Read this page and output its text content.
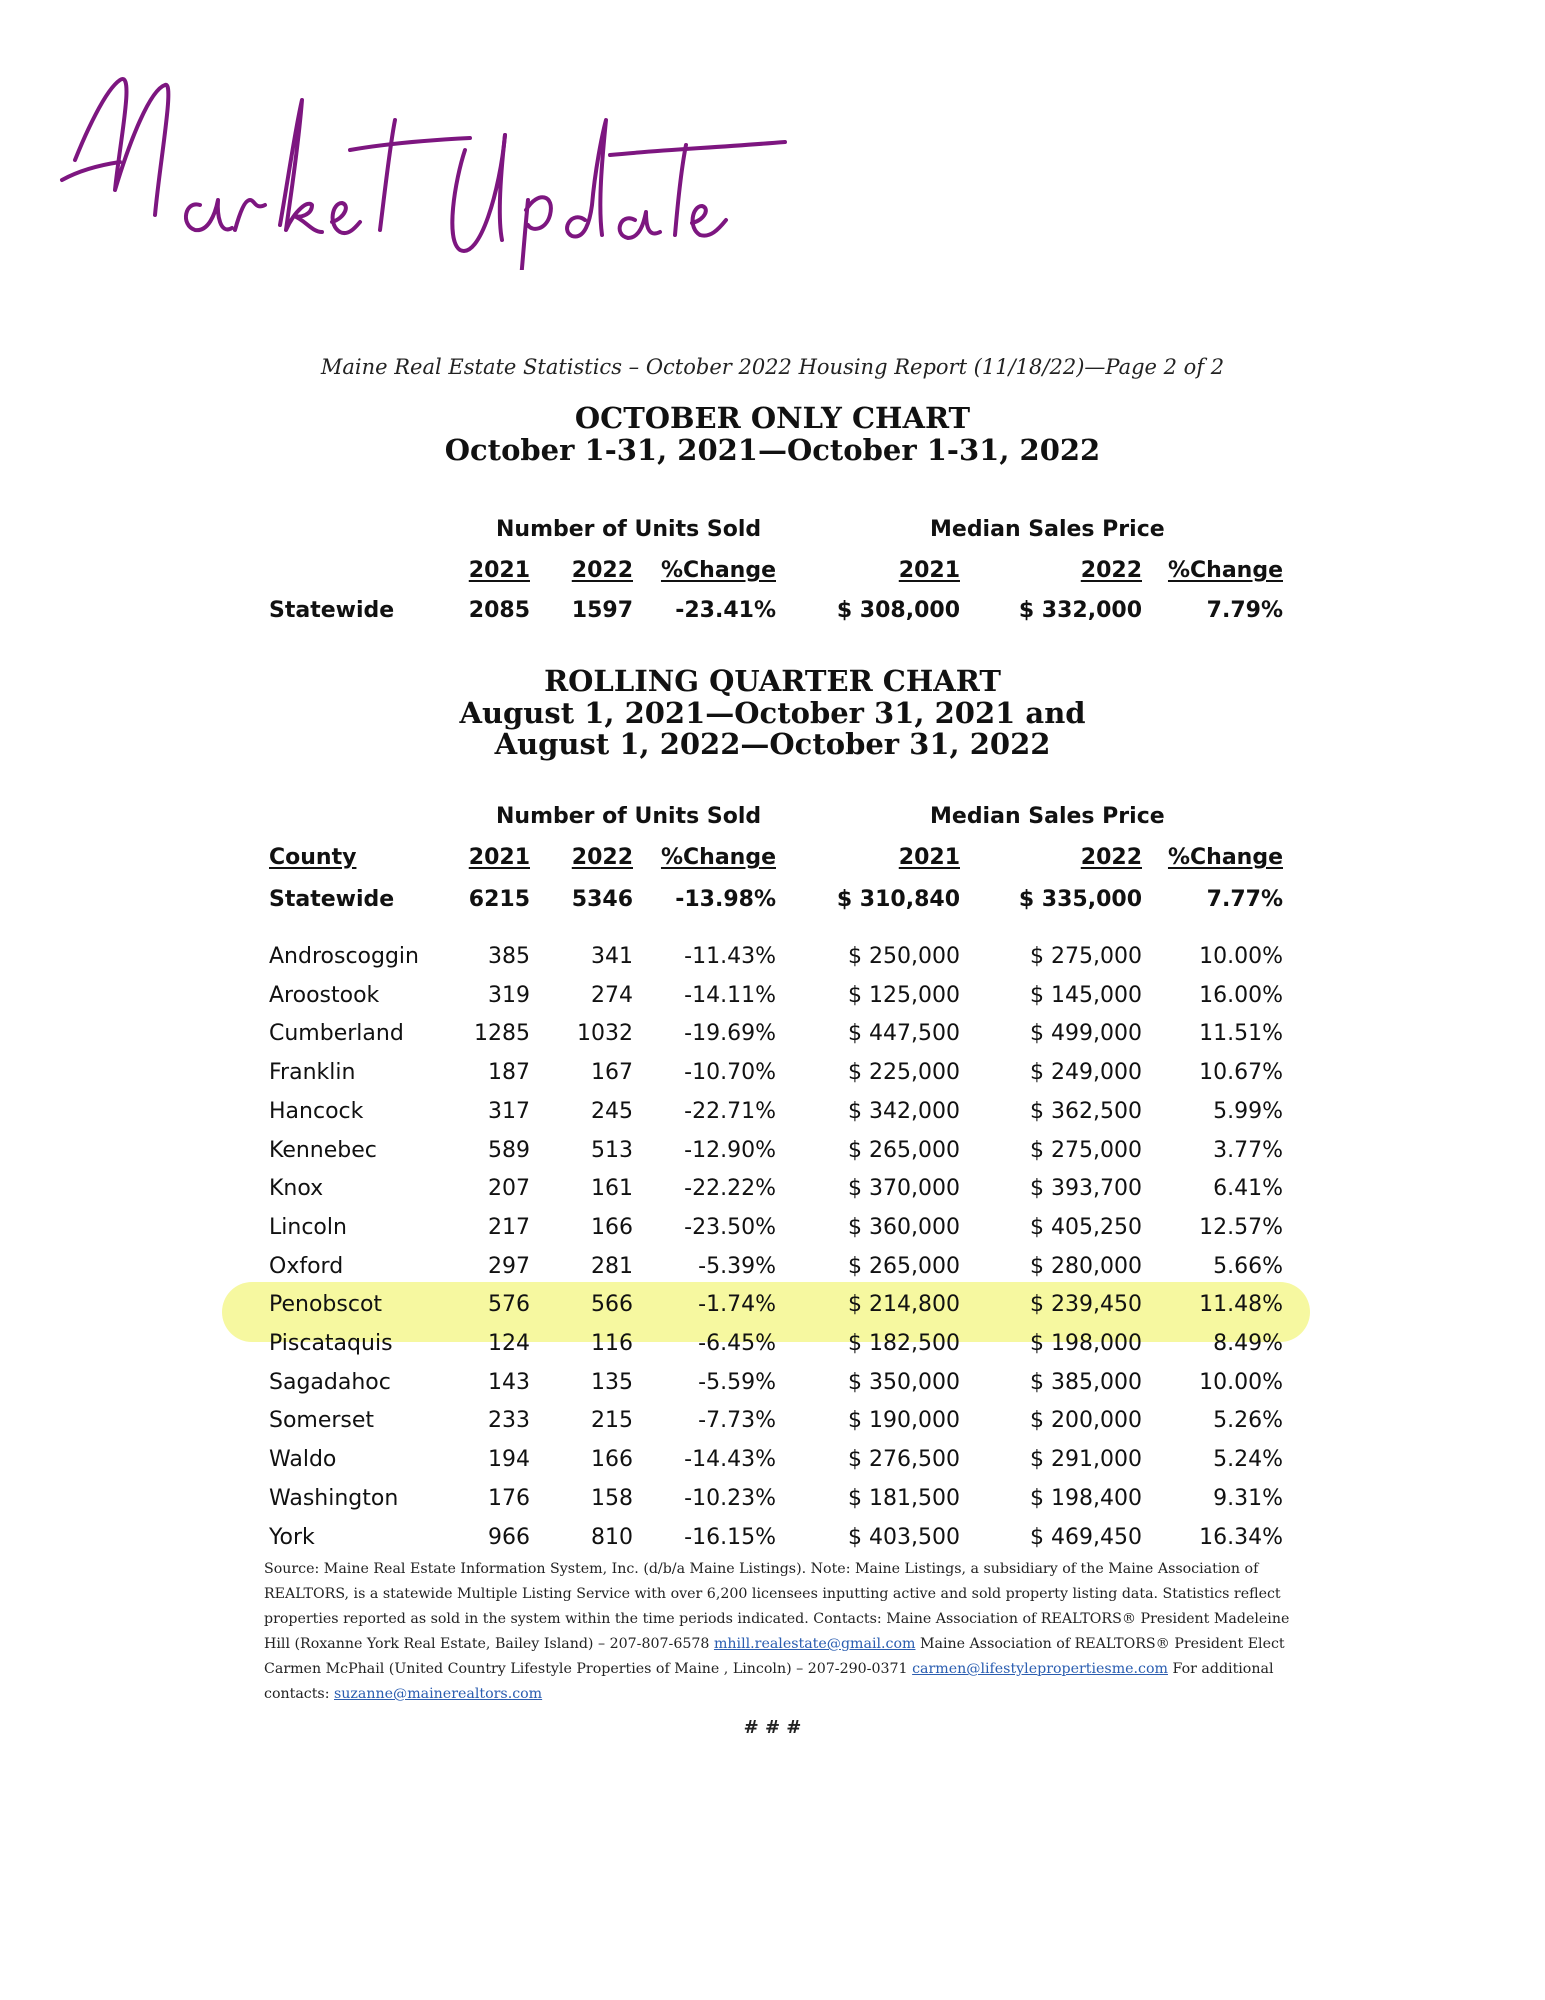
Maine Real Estate Statistics – October 2022 Housing Report (11/18/22)—Page 2 of 2
OCTOBER ONLY CHART
October 1-31, 2021—October 1-31, 2022
Number of Units Sold	Median Sales Price
2021	2022	%Change	2021	2022	%Change
Statewide	2085	1597	-23.41%	$ 308,000	$ 332,000	7.79%
ROLLING QUARTER CHART
August 1, 2021—October 31, 2021 and
August 1, 2022—October 31, 2022
Number of Units Sold	Median Sales Price
County	2021	2022	%Change	2021	2022	%Change
Statewide	6215	5346	-13.98%	$ 310,840	$ 335,000	7.77%
Androscoggin	385	341	-11.43%	$ 250,000	$ 275,000	10.00%
Aroostook	319	274	-14.11%	$ 125,000	$ 145,000	16.00%
Cumberland	1285	1032	-19.69%	$ 447,500	$ 499,000	11.51%
Franklin	187	167	-10.70%	$ 225,000	$ 249,000	10.67%
Hancock	317	245	-22.71%	$ 342,000	$ 362,500	5.99%
Kennebec	589	513	-12.90%	$ 265,000	$ 275,000	3.77%
Knox	207	161	-22.22%	$ 370,000	$ 393,700	6.41%
Lincoln	217	166	-23.50%	$ 360,000	$ 405,250	12.57%
Oxford	297	281	-5.39%	$ 265,000	$ 280,000	5.66%
Penobscot	576	566	-1.74%	$ 214,800	$ 239,450	11.48%
Piscataquis	124	116	-6.45%	$ 182,500	$ 198,000	8.49%
Sagadahoc	143	135	-5.59%	$ 350,000	$ 385,000	10.00%
Somerset	233	215	-7.73%	$ 190,000	$ 200,000	5.26%
Waldo	194	166	-14.43%	$ 276,500	$ 291,000	5.24%
Washington	176	158	-10.23%	$ 181,500	$ 198,400	9.31%
York	966	810	-16.15%	$ 403,500	$ 469,450	16.34%
Source: Maine Real Estate Information System, Inc. (d/b/a Maine Listings). Note: Maine Listings, a subsidiary of the Maine Association of REALTORS, is a statewide Multiple Listing Service with over 6,200 licensees inputting active and sold property listing data. Statistics reflect properties reported as sold in the system within the time periods indicated. Contacts: Maine Association of REALTORS® President Madeleine Hill (Roxanne York Real Estate, Bailey Island) – 207-807-6578 mhill.realestate@gmail.com Maine Association of REALTORS® President Elect Carmen McPhail (United Country Lifestyle Properties of Maine , Lincoln) – 207-290-0371 carmen@lifestylepropertiesme.com For additional contacts: suzanne@mainerealtors.com
# # #
